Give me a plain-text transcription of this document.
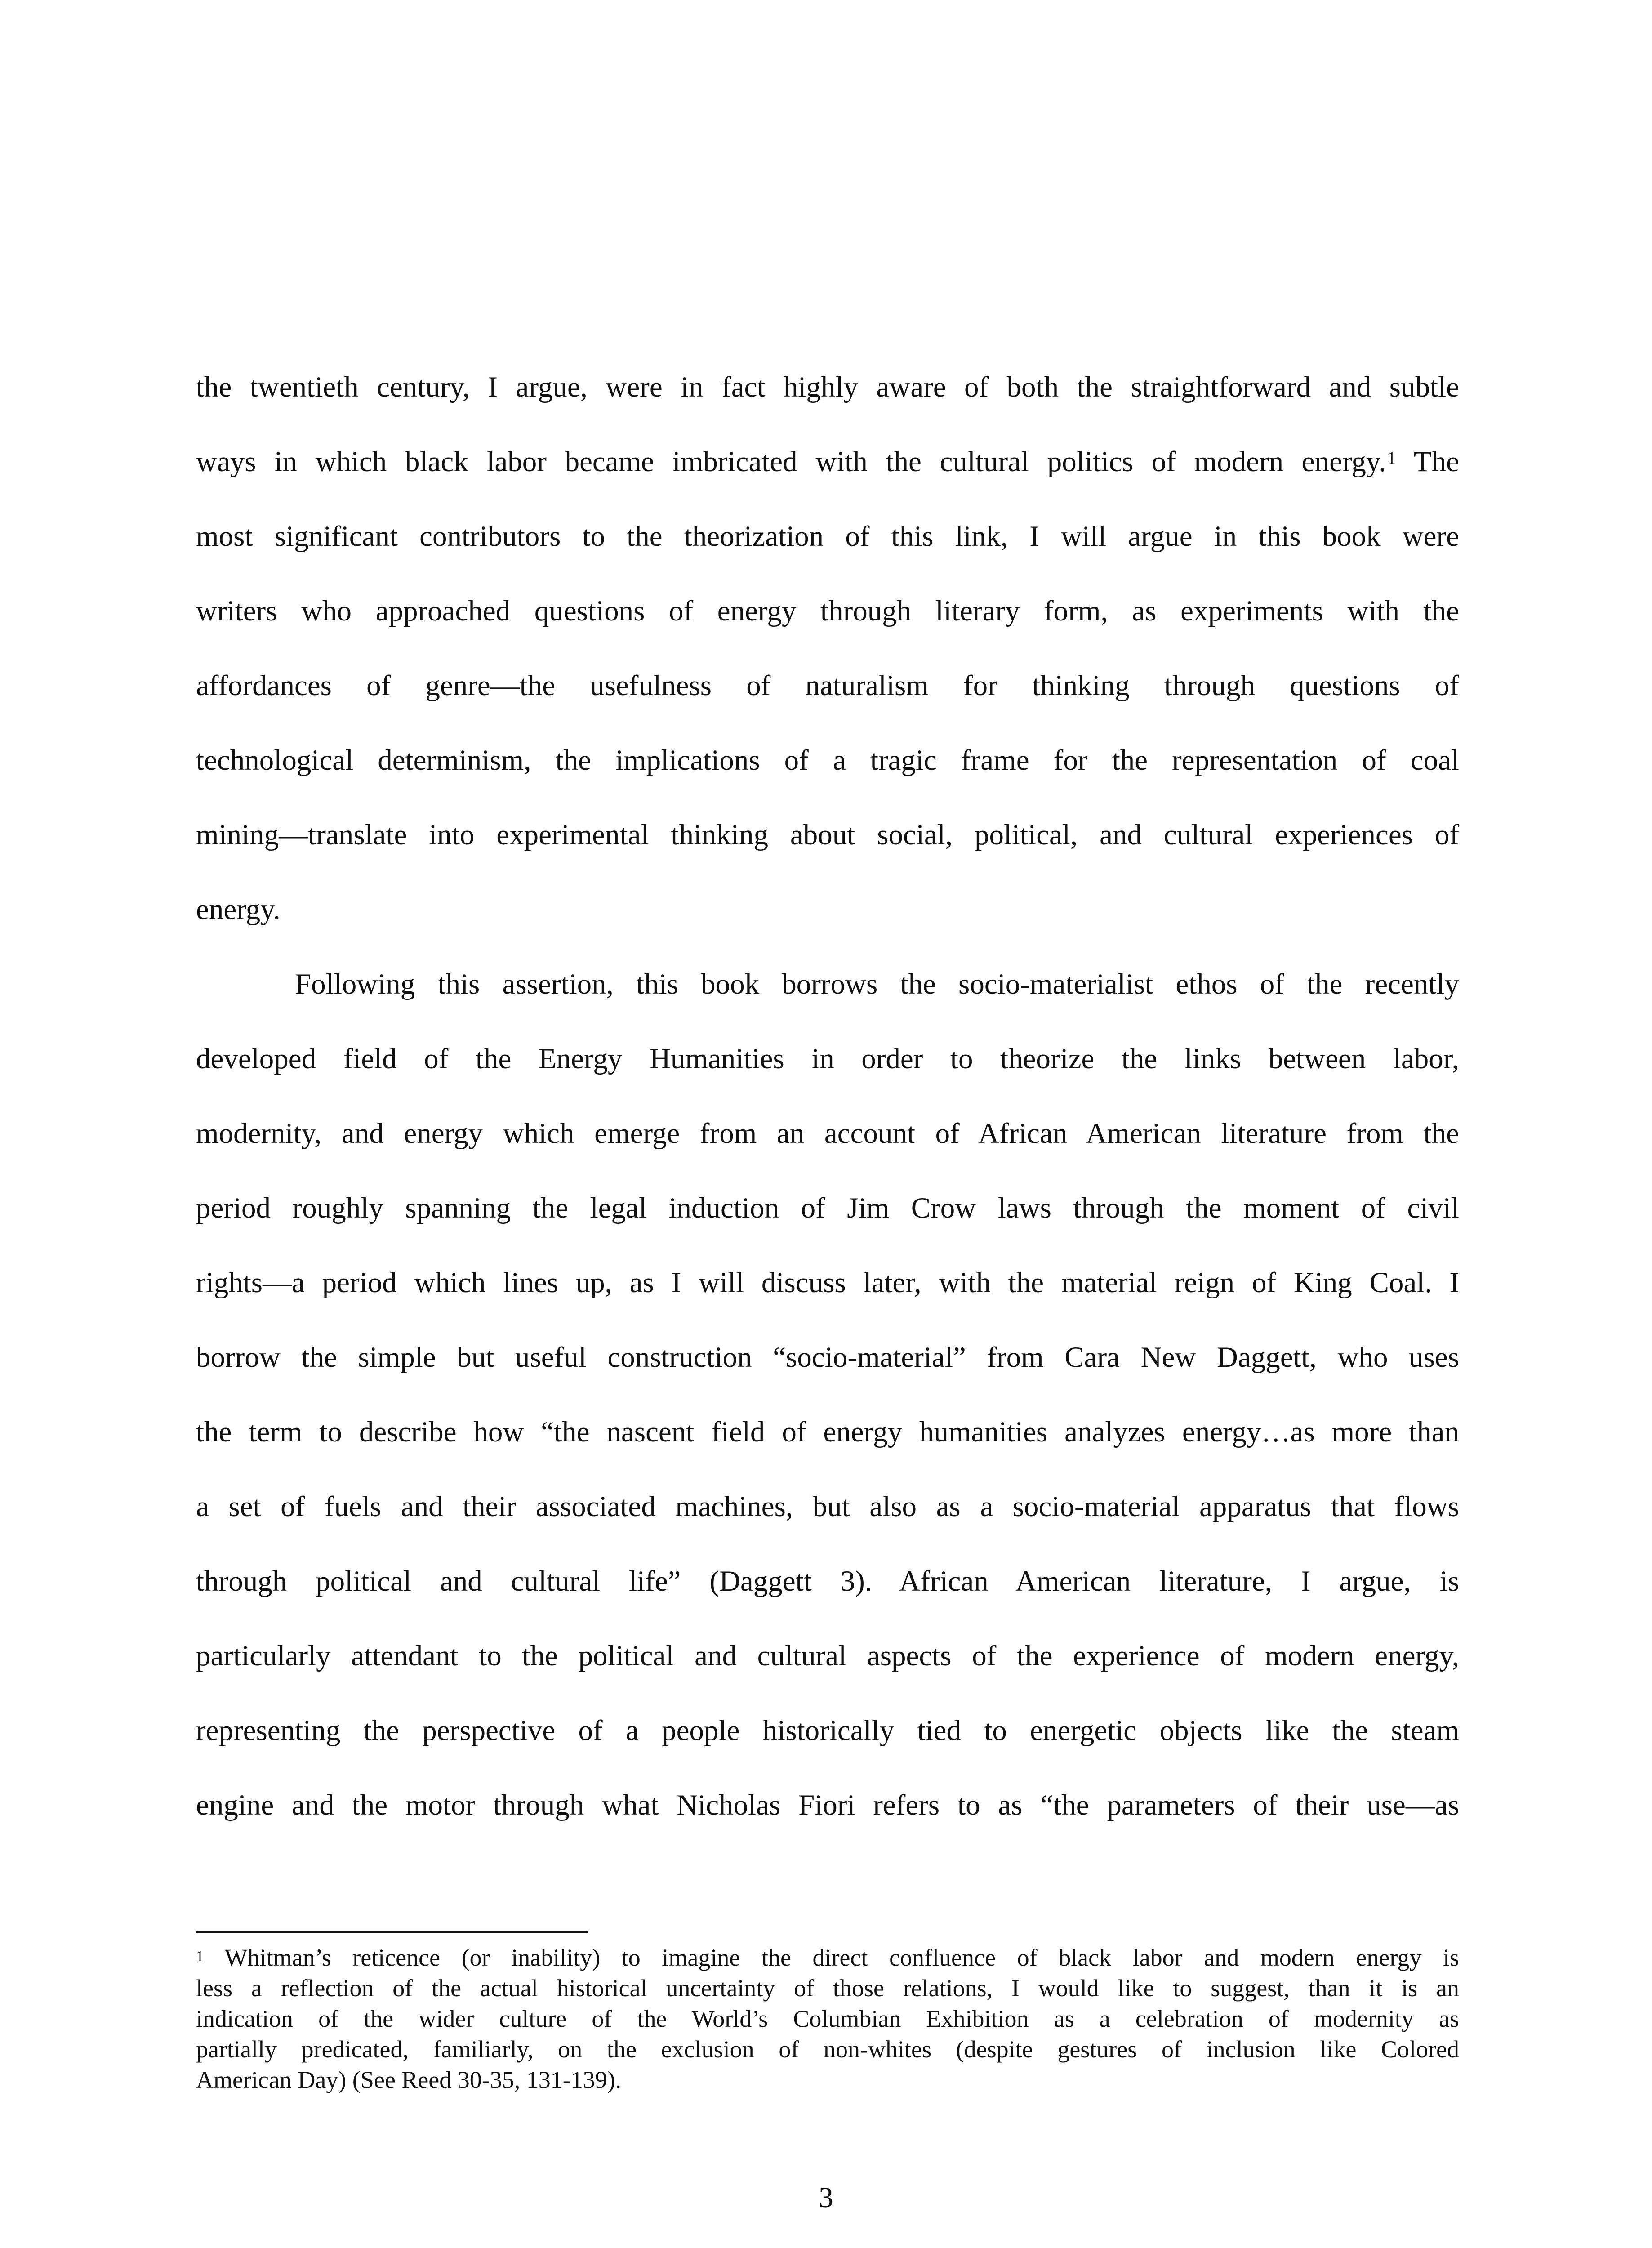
the twentieth century, I argue, were in fact highly aware of both the straightforward and subtle
ways in which black labor became imbricated with the cultural politics of modern energy.$^1$ The
most significant contributors to the theorization of this link, I will argue in this book were
writers who approached questions of energy through literary form, as experiments with the
affordances of genre—the usefulness of naturalism for thinking through questions of
technological determinism, the implications of a tragic frame for the representation of coal
mining—translate into experimental thinking about social, political, and cultural experiences of
energy.
Following this assertion, this book borrows the socio-materialist ethos of the recently
developed field of the Energy Humanities in order to theorize the links between labor,
modernity, and energy which emerge from an account of African American literature from the
period roughly spanning the legal induction of Jim Crow laws through the moment of civil
rights—a period which lines up, as I will discuss later, with the material reign of King Coal. I
borrow the simple but useful construction “socio-material” from Cara New Daggett, who uses
the term to describe how “the nascent field of energy humanities analyzes energy…as more than
a set of fuels and their associated machines, but also as a socio-material apparatus that flows
through political and cultural life” (Daggett 3). African American literature, I argue, is
particularly attendant to the political and cultural aspects of the experience of modern energy,
representing the perspective of a people historically tied to energetic objects like the steam
engine and the motor through what Nicholas Fiori refers to as “the parameters of their use—as
$^1$ Whitman’s reticence (or inability) to imagine the direct confluence of black labor and modern energy is
less a reflection of the actual historical uncertainty of those relations, I would like to suggest, than it is an
indication of the wider culture of the World’s Columbian Exhibition as a celebration of modernity as
partially predicated, familiarly, on the exclusion of non-whites (despite gestures of inclusion like Colored
American Day) (See Reed 30-35, 131-139).
3
